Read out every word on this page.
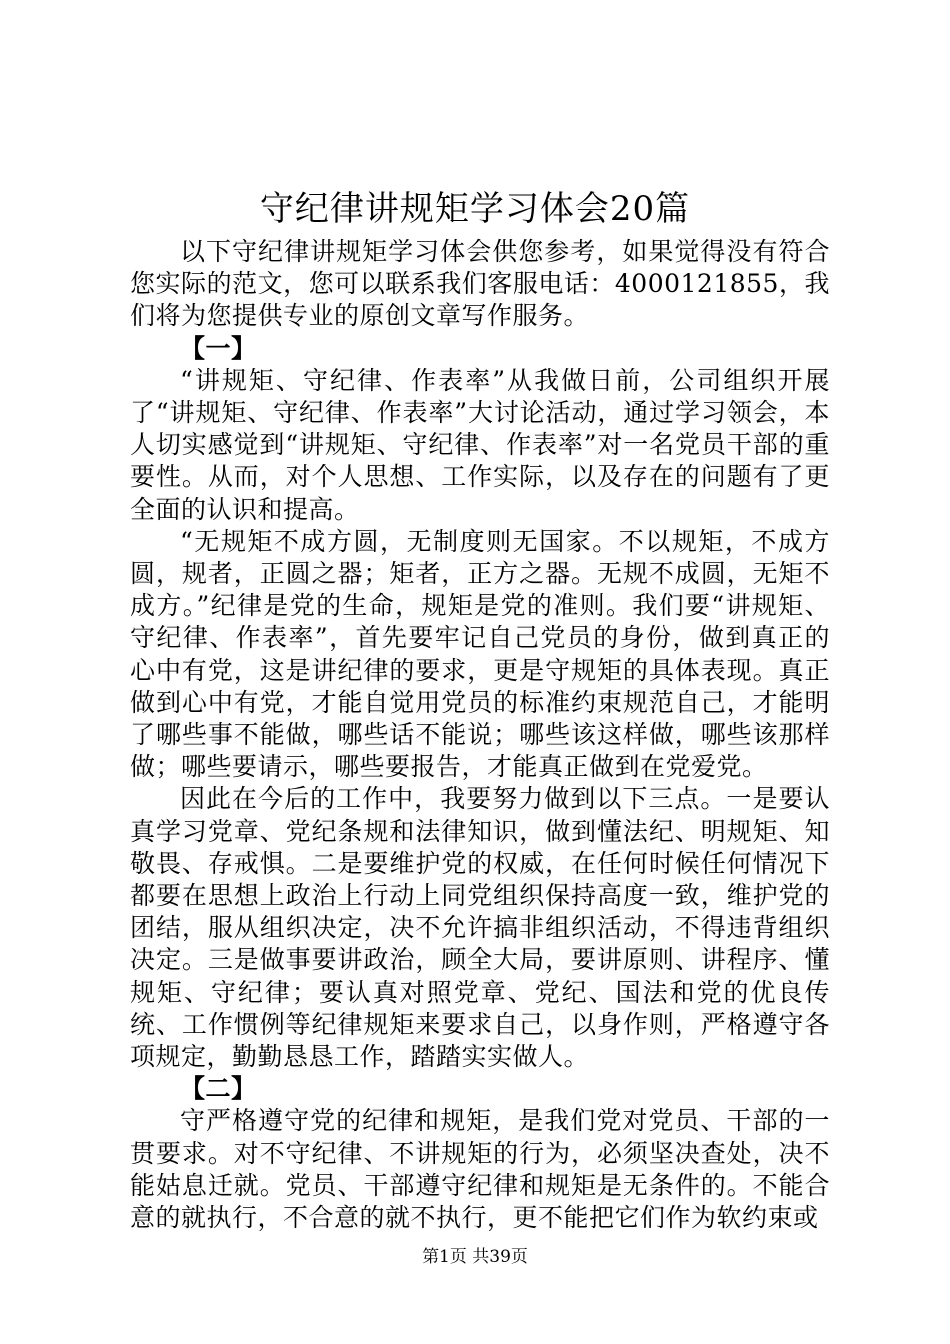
守纪律讲规矩学习体会20篇

以下守纪律讲规矩学习体会供您参考，如果觉得没有符合您实际的范文，您可以联系我们客服电话：4000121855，我们将为您提供专业的原创文章写作服务。

【一】

“讲规矩、守纪律、作表率”从我做日前，公司组织开展了“讲规矩、守纪律、作表率”大讨论活动，通过学习领会，本人切实感觉到“讲规矩、守纪律、作表率”对一名党员干部的重要性。从而，对个人思想、工作实际，以及存在的问题有了更全面的认识和提高。

“无规矩不成方圆，无制度则无国家。不以规矩，不成方圆，规者，正圆之器；矩者，正方之器。无规不成圆，无矩不成方。”纪律是党的生命，规矩是党的准则。我们要“讲规矩、守纪律、作表率”，首先要牢记自己党员的身份，做到真正的心中有党，这是讲纪律的要求，更是守规矩的具体表现。真正做到心中有党，才能自觉用党员的标准约束规范自己，才能明了哪些事不能做，哪些话不能说；哪些该这样做，哪些该那样做；哪些要请示，哪些要报告，才能真正做到在党爱党。

因此在今后的工作中，我要努力做到以下三点。一是要认真学习党章、党纪条规和法律知识，做到懂法纪、明规矩、知敬畏、存戒惧。二是要维护党的权威，在任何时候任何情况下都要在思想上政治上行动上同党组织保持高度一致，维护党的团结，服从组织决定，决不允许搞非组织活动，不得违背组织决定。三是做事要讲政治，顾全大局，要讲原则、讲程序、懂规矩、守纪律；要认真对照党章、党纪、国法和党的优良传统、工作惯例等纪律规矩来要求自己，以身作则，严格遵守各项规定，勤勤恳恳工作，踏踏实实做人。

【二】

守严格遵守党的纪律和规矩，是我们党对党员、干部的一贯要求。对不守纪律、不讲规矩的行为，必须坚决查处，决不能姑息迁就。党员、干部遵守纪律和规矩是无条件的。不能合意的就执行，不合意的就不执行，更不能把它们作为软约束或

第1页 共39页
